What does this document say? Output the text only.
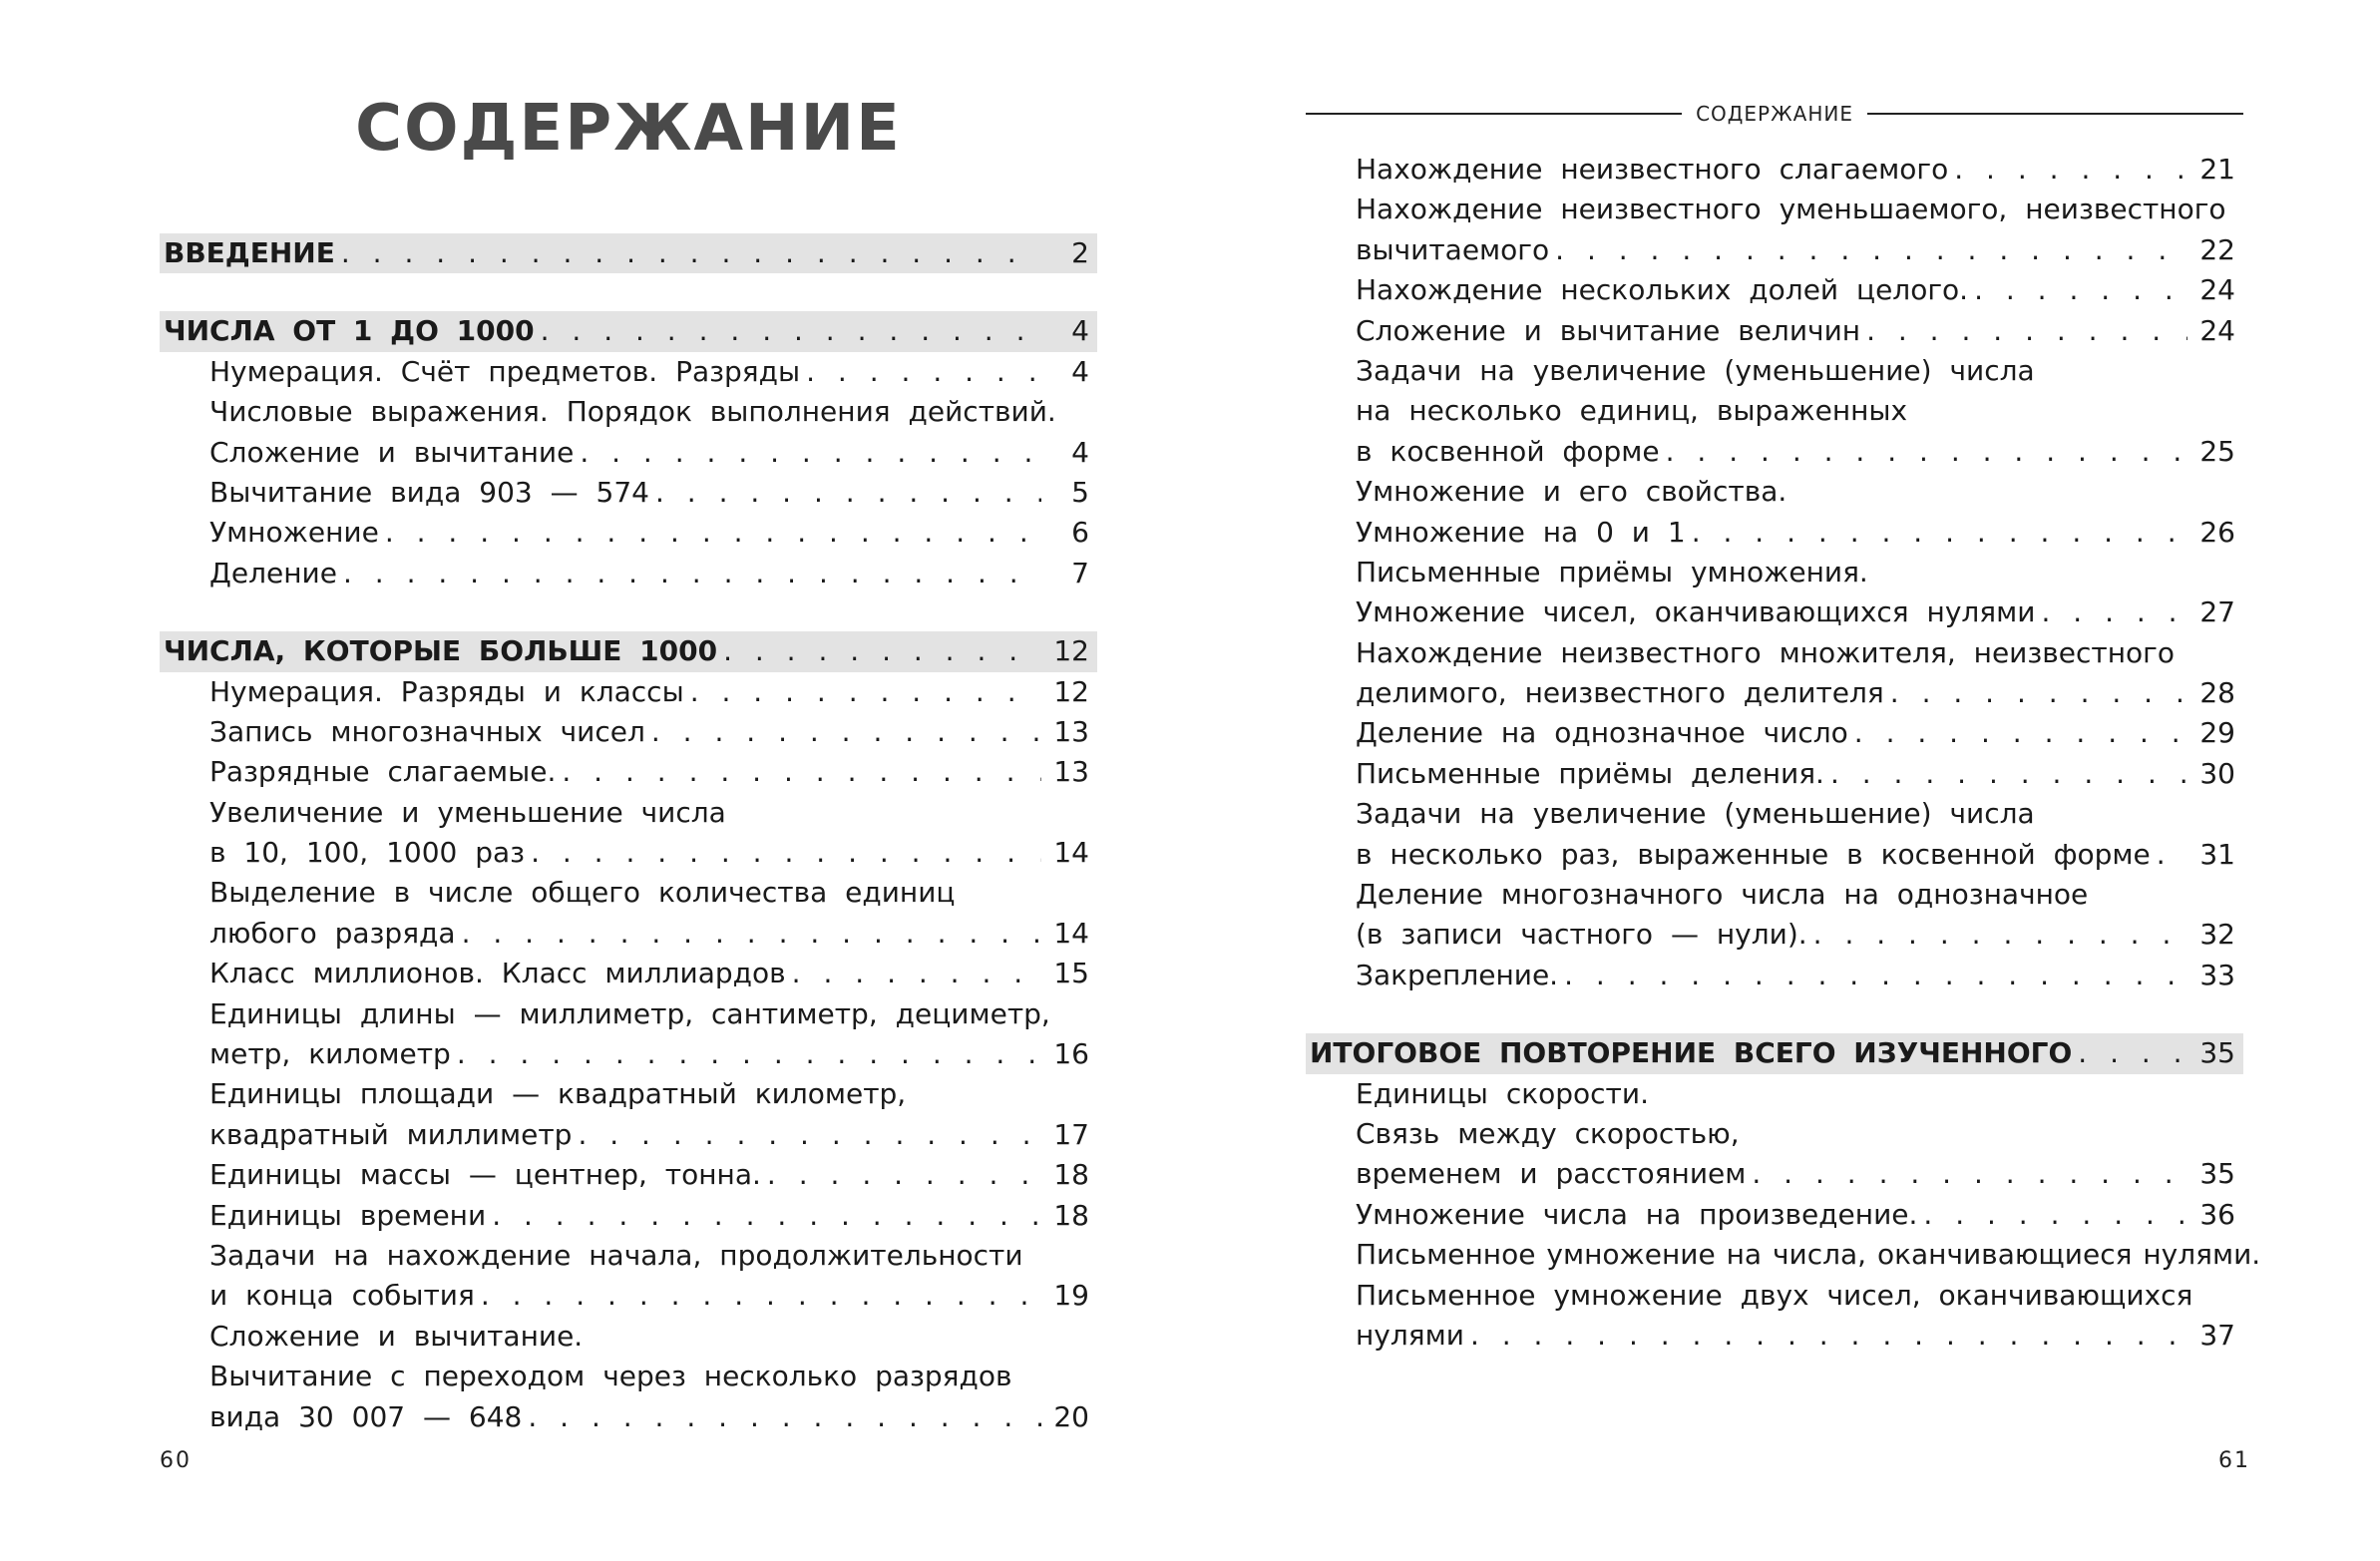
СОДЕРЖАНИЕ
ВВЕДЕНИЕ . . .	2
ЧИСЛА ОТ 1 ДО 1000 . . .	4
Нумерация. Счёт предметов. Разряды . . .	4
Числовые выражения. Порядок выполнения действий.
Сложение и вычитание . . .	4
Вычитание вида 903 — 574 . . .	5
Умножение . . .	6
Деление . . .	7
ЧИСЛА, КОТОРЫЕ БОЛЬШЕ 1000 . . .	12
Нумерация. Разряды и классы . . .	12
Запись многозначных чисел . . .	13
Разрядные слагаемые. . . .	13
Увеличение и уменьшение числа
в 10, 100, 1000 раз . . .	14
Выделение в числе общего количества единиц
любого разряда . . .	14
Класс миллионов. Класс миллиардов . . .	15
Единицы длины — миллиметр, сантиметр, дециметр,
метр, километр . . .	16
Единицы площади — квадратный километр,
квадратный миллиметр . . .	17
Единицы массы — центнер, тонна. . . .	18
Единицы времени . . .	18
Задачи на нахождение начала, продолжительности
и конца события . . .	19
Сложение и вычитание.
Вычитание с переходом через несколько разрядов
вида 30 007 — 648 . . .	20
60
СОДЕРЖАНИЕ
Нахождение неизвестного слагаемого . . .	21
Нахождение неизвестного уменьшаемого, неизвестного
вычитаемого . . .	22
Нахождение нескольких долей целого. . . .	24
Сложение и вычитание величин . . .	24
Задачи на увеличение (уменьшение) числа
на несколько единиц, выраженных
в косвенной форме . . .	25
Умножение и его свойства.
Умножение на 0 и 1 . . .	26
Письменные приёмы умножения.
Умножение чисел, оканчивающихся нулями . . .	27
Нахождение неизвестного множителя, неизвестного
делимого, неизвестного делителя . . .	28
Деление на однозначное число . . .	29
Письменные приёмы деления. . . .	30
Задачи на увеличение (уменьшение) числа
в несколько раз, выраженные в косвенной форме . . . 31
Деление многозначного числа на однозначное
(в записи частного — нули). . . .	32
Закрепление. . . .	33
ИТОГОВОЕ ПОВТОРЕНИЕ ВСЕГО ИЗУЧЕННОГО . . .	35
Единицы скорости.
Связь между скоростью,
временем и расстоянием . . .	35
Умножение числа на произведение. . . .	36
Письменное умножение на числа, оканчивающиеся нулями.
Письменное умножение двух чисел, оканчивающихся
нулями . . .	37
61
